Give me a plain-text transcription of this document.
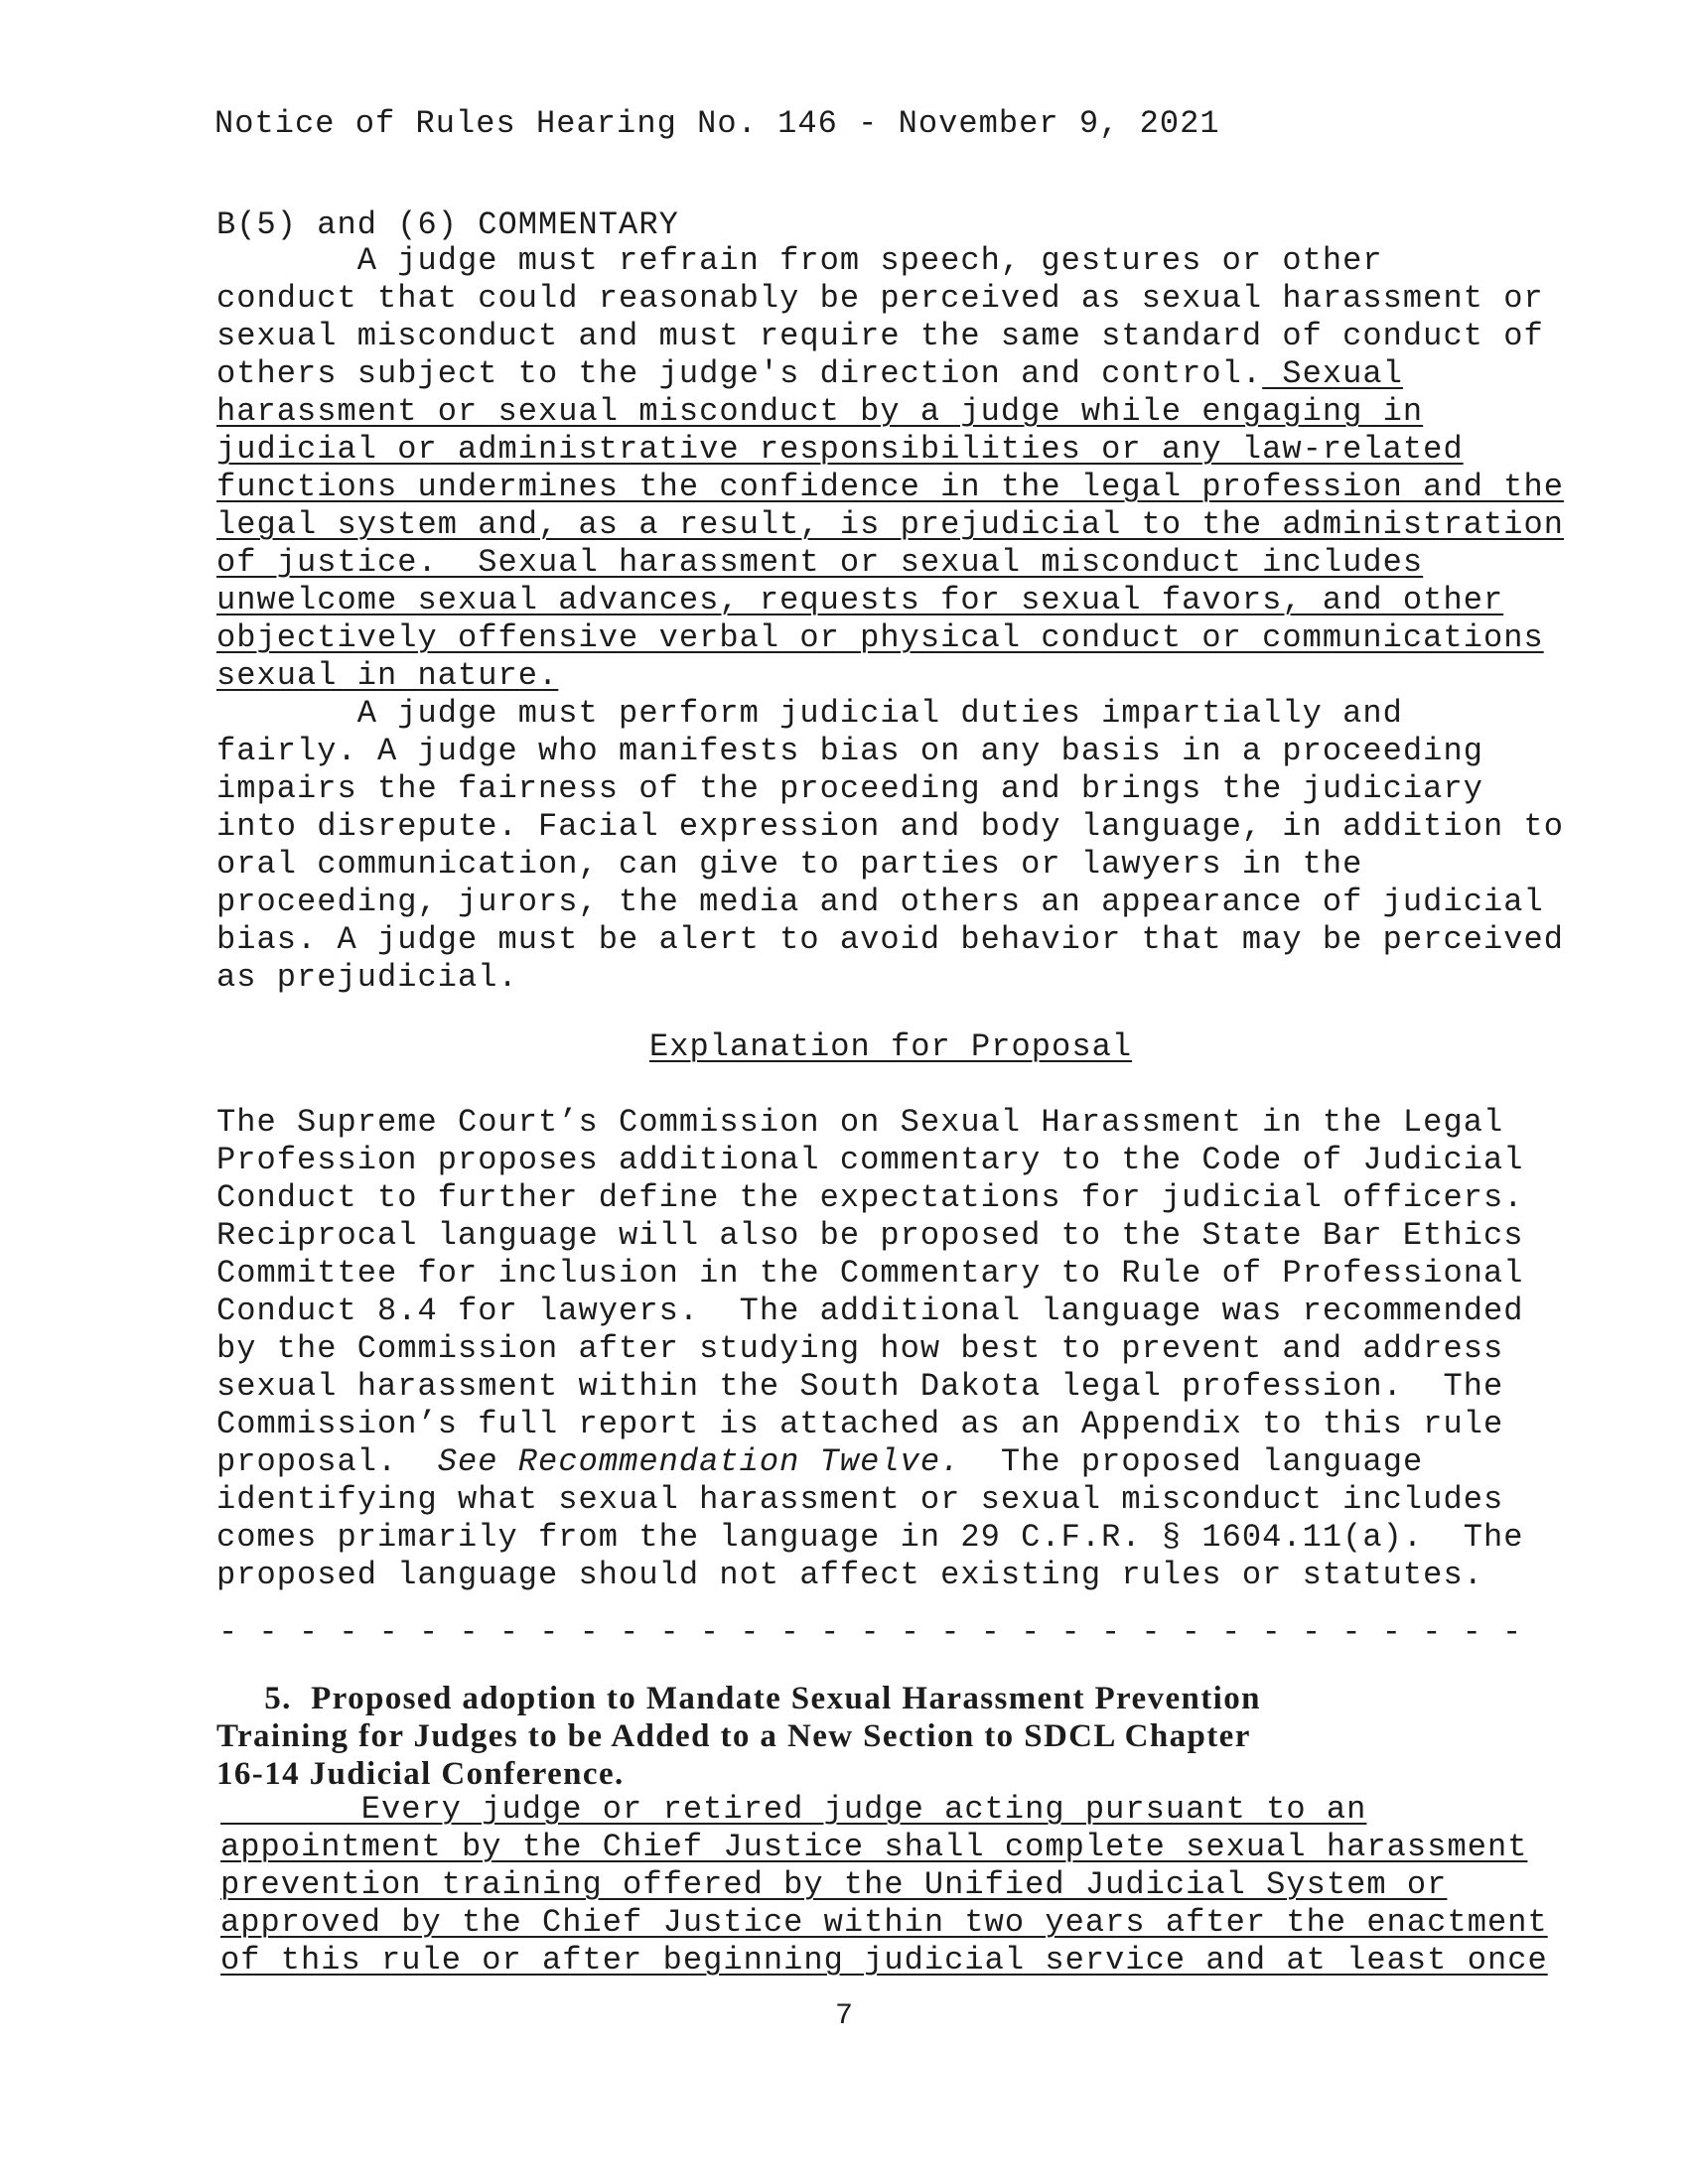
Notice of Rules Hearing No. 146 - November 9, 2021
B(5) and (6) COMMENTARY
A judge must refrain from speech, gestures or other
conduct that could reasonably be perceived as sexual harassment or
sexual misconduct and must require the same standard of conduct of
others subject to the judge's direction and control. Sexual
harassment or sexual misconduct by a judge while engaging in
judicial or administrative responsibilities or any law-related
functions undermines the confidence in the legal profession and the
legal system and, as a result, is prejudicial to the administration
of justice.  Sexual harassment or sexual misconduct includes
unwelcome sexual advances, requests for sexual favors, and other
objectively offensive verbal or physical conduct or communications
sexual in nature.
A judge must perform judicial duties impartially and
fairly. A judge who manifests bias on any basis in a proceeding
impairs the fairness of the proceeding and brings the judiciary
into disrepute. Facial expression and body language, in addition to
oral communication, can give to parties or lawyers in the
proceeding, jurors, the media and others an appearance of judicial
bias. A judge must be alert to avoid behavior that may be perceived
as prejudicial.
Explanation for Proposal
The Supreme Court’s Commission on Sexual Harassment in the Legal
Profession proposes additional commentary to the Code of Judicial
Conduct to further define the expectations for judicial officers.
Reciprocal language will also be proposed to the State Bar Ethics
Committee for inclusion in the Commentary to Rule of Professional
Conduct 8.4 for lawyers.  The additional language was recommended
by the Commission after studying how best to prevent and address
sexual harassment within the South Dakota legal profession.  The
Commission’s full report is attached as an Appendix to this rule
proposal.  See Recommendation Twelve.  The proposed language
identifying what sexual harassment or sexual misconduct includes
comes primarily from the language in 29 C.F.R. § 1604.11(a).  The
proposed language should not affect existing rules or statutes.
- - - - - - - - - - - - - - - - - - - - - - - - - - - - - - - - -
5.  Proposed adoption to Mandate Sexual Harassment Prevention
Training for Judges to be Added to a New Section to SDCL Chapter
16-14 Judicial Conference.
Every judge or retired judge acting pursuant to an
appointment by the Chief Justice shall complete sexual harassment
prevention training offered by the Unified Judicial System or
approved by the Chief Justice within two years after the enactment
of this rule or after beginning judicial service and at least once
7
